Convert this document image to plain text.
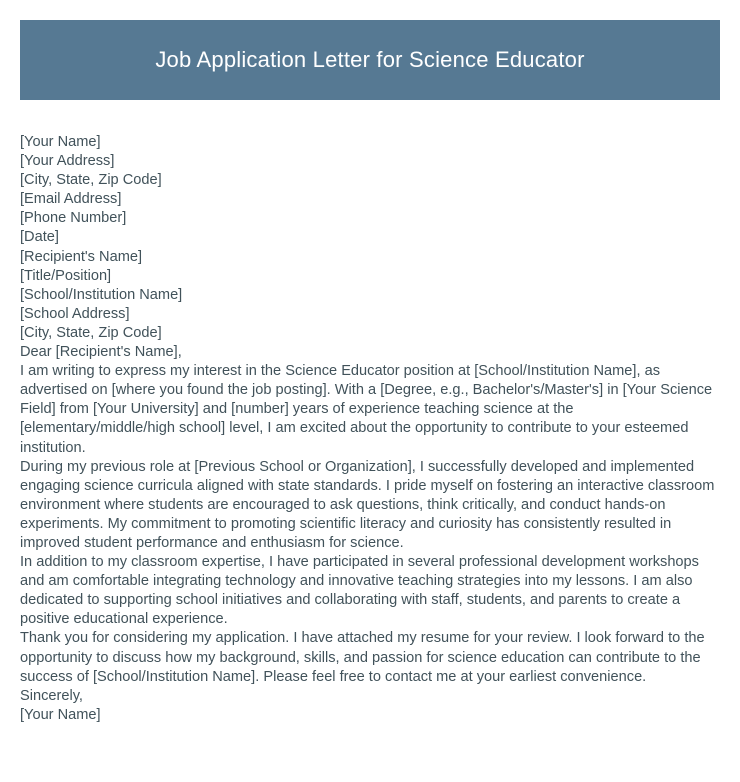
Job Application Letter for Science Educator
[Your Name]
[Your Address]
[City, State, Zip Code]
[Email Address]
[Phone Number]
[Date]
[Recipient's Name]
[Title/Position]
[School/Institution Name]
[School Address]
[City, State, Zip Code]

Dear [Recipient's Name],

I am writing to express my interest in the Science Educator position at [School/Institution Name], as advertised on [where you found the job posting]. With a [Degree, e.g., Bachelor's/Master's] in [Your Science Field] from [Your University] and [number] years of experience teaching science at the [elementary/middle/high school] level, I am excited about the opportunity to contribute to your esteemed institution.

During my previous role at [Previous School or Organization], I successfully developed and implemented engaging science curricula aligned with state standards. I pride myself on fostering an interactive classroom environment where students are encouraged to ask questions, think critically, and conduct hands-on experiments. My commitment to promoting scientific literacy and curiosity has consistently resulted in improved student performance and enthusiasm for science.

In addition to my classroom expertise, I have participated in several professional development workshops and am comfortable integrating technology and innovative teaching strategies into my lessons. I am also dedicated to supporting school initiatives and collaborating with staff, students, and parents to create a positive educational experience.

Thank you for considering my application. I have attached my resume for your review. I look forward to the opportunity to discuss how my background, skills, and passion for science education can contribute to the success of [School/Institution Name]. Please feel free to contact me at your earliest convenience.

Sincerely,

[Your Name]
